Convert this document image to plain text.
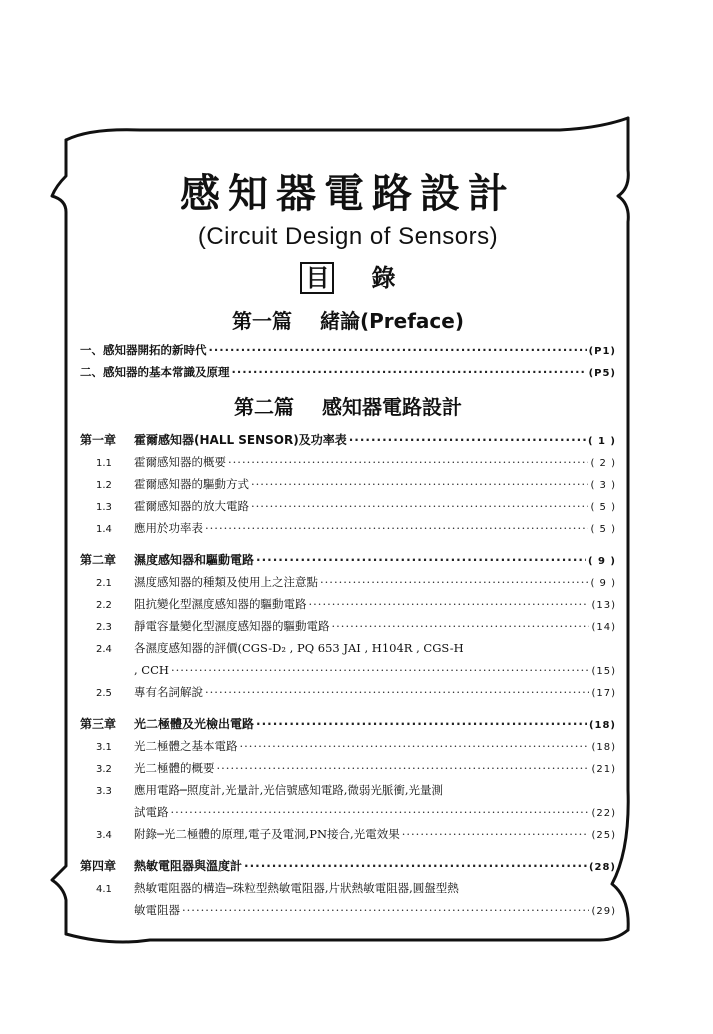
感知器電路設計

(Circuit Design of Sensors)

目 錄
第一篇 緒論(Preface)
一、感知器開拓的新時代 ·····	(P1)
二、感知器的基本常識及原理 ·····	(P5)
第二篇 感知器電路設計
第一章 霍爾感知器(HALL SENSOR)及功率表 ·····	( 1 )
1.1 霍爾感知器的概要 ·····	( 2 )
1.2 霍爾感知器的驅動方式 ·····	( 3 )
1.3 霍爾感知器的放大電路 ·····	( 5 )
1.4 應用於功率表 ·····	( 5 )
第二章 濕度感知器和驅動電路 ·····	( 9 )
2.1 濕度感知器的種類及使用上之注意點 ·····	( 9 )
2.2 阻抗變化型濕度感知器的驅動電路 ·····	(13)
2.3 靜電容量變化型濕度感知器的驅動電路 ·····	(14)
2.4 各濕度感知器的評價(CGS-D₂ , PQ 653 JAI , H104R , CGS-H
, CCH ·····	(15)
2.5 專有名詞解說 ·····	(17)
第三章 光二極體及光檢出電路 ·····	(18)
3.1 光二極體之基本電路 ·····	(18)
3.2 光二極體的概要 ·····	(21)
3.3 應用電路─照度計,光量計,光信號感知電路,微弱光脈衝,光量測
試電路 ·····	(22)
3.4 附錄─光二極體的原理,電子及電洞,PN接合,光電效果 ·····	(25)
第四章 熱敏電阻器與溫度計 ·····	(28)
4.1 熱敏電阻器的構造─珠粒型熱敏電阻器,片狀熱敏電阻器,圓盤型熱
敏電阻器 ·····	(29)
